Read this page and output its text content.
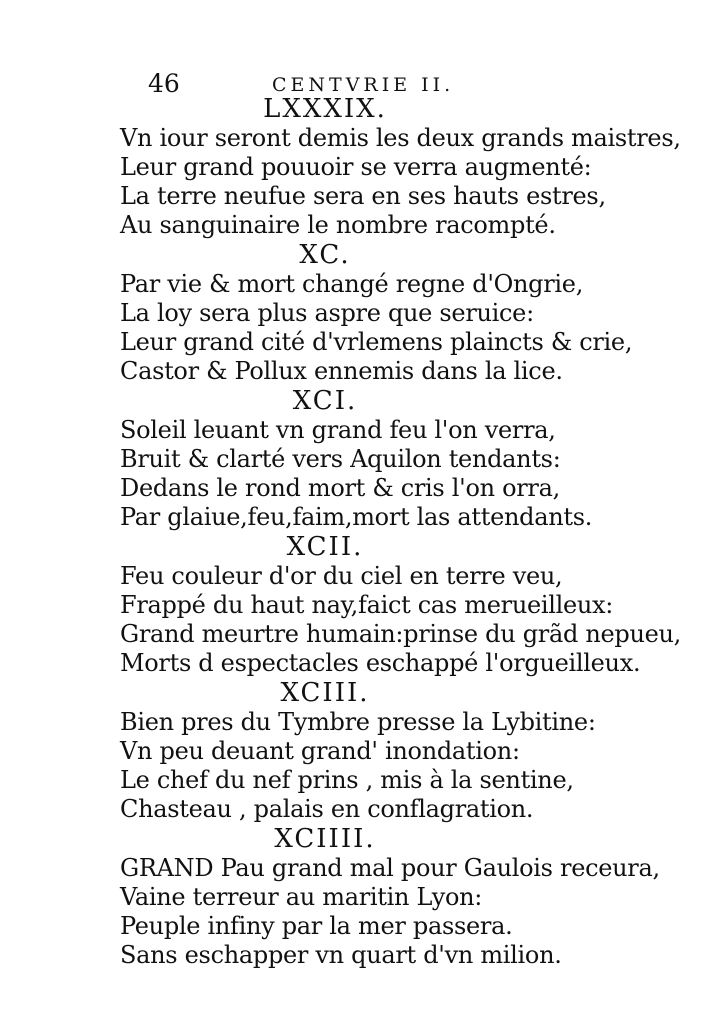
46	CENTVRIE II.
LXXXIX.
Vn iour seront demis les deux grands maistres,
Leur grand pouuoir se verra augmenté:
La terre neufue sera en ses hauts estres,
Au sanguinaire le nombre racompté.
XC.
Par vie & mort changé regne d'Ongrie,
La loy sera plus aspre que seruice:
Leur grand cité d'vrlemens plaincts & crie,
Castor & Pollux ennemis dans la lice.
XCI.
Soleil leuant vn grand feu l'on verra,
Bruit & clarté vers Aquilon tendants:
Dedans le rond mort & cris l'on orra,
Par glaiue,feu,faim,mort las attendants.
XCII.
Feu couleur d'or du ciel en terre veu,
Frappé du haut nay,faict cas merueilleux:
Grand meurtre humain:prinse du grãd nepueu,
Morts d espectacles eschappé l'orgueilleux.
XCIII.
Bien pres du Tymbre presse la Lybitine:
Vn peu deuant grand' inondation:
Le chef du nef prins , mis à la sentine,
Chasteau , palais en conflagration.
XCIIII.
GRAND Pau grand mal pour Gaulois receura,
Vaine terreur au maritin Lyon:
Peuple infiny par la mer passera.
Sans eschapper vn quart d'vn milion.
